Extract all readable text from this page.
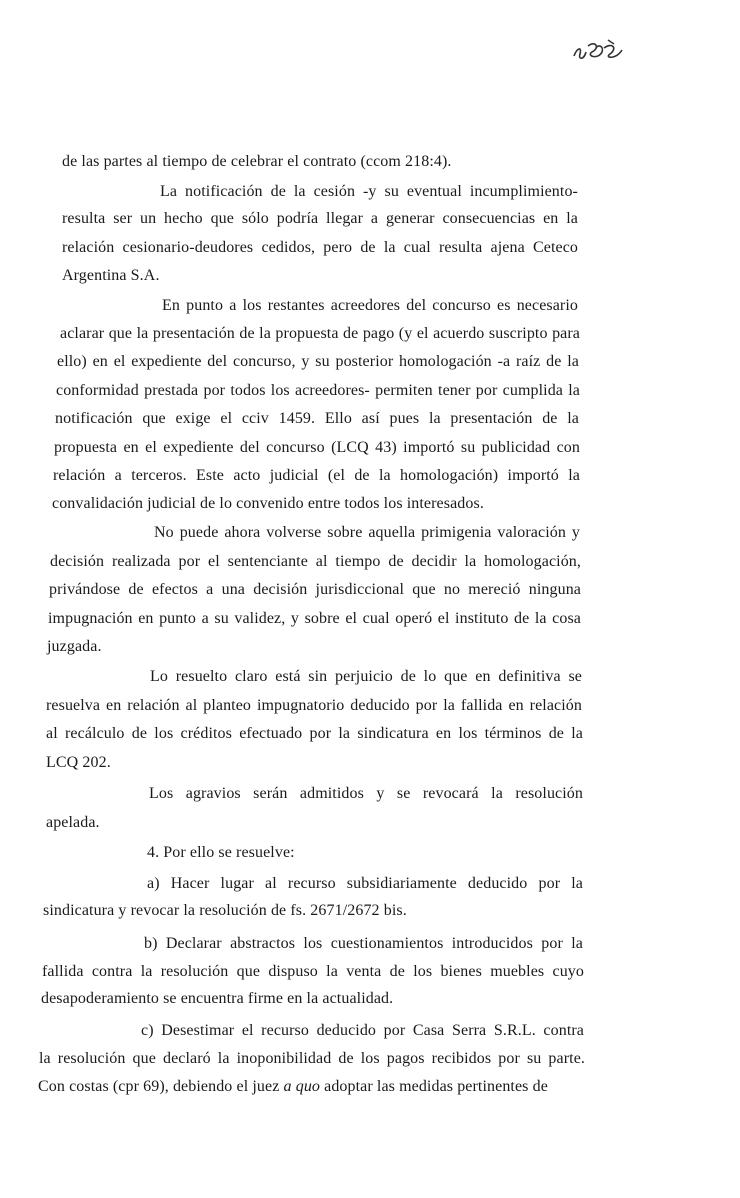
de las partes al tiempo de celebrar el contrato (ccom 218:4).
La notificación de la cesión -y su eventual incumplimiento-
resulta ser un hecho que sólo podría llegar a generar consecuencias en la
relación cesionario-deudores cedidos, pero de la cual resulta ajena Ceteco
Argentina S.A.
En punto a los restantes acreedores del concurso es necesario
aclarar que la presentación de la propuesta de pago (y el acuerdo suscripto para
ello) en el expediente del concurso, y su posterior homologación -a raíz de la
conformidad prestada por todos los acreedores- permiten tener por cumplida la
notificación que exige el cciv 1459. Ello así pues la presentación de la
propuesta en el expediente del concurso (LCQ 43) importó su publicidad con
relación a terceros. Este acto judicial (el de la homologación) importó la
convalidación judicial de lo convenido entre todos los interesados.
No puede ahora volverse sobre aquella primigenia valoración y
decisión realizada por el sentenciante al tiempo de decidir la homologación,
privándose de efectos a una decisión jurisdiccional que no mereció ninguna
impugnación en punto a su validez, y sobre el cual operó el instituto de la cosa
juzgada.
Lo resuelto claro está sin perjuicio de lo que en definitiva se
resuelva en relación al planteo impugnatorio deducido por la fallida en relación
al recálculo de los créditos efectuado por la sindicatura en los términos de la
LCQ 202.
Los agravios serán admitidos y se revocará la resolución
apelada.
4. Por ello se resuelve:
a) Hacer lugar al recurso subsidiariamente deducido por la
sindicatura y revocar la resolución de fs. 2671/2672 bis.
b) Declarar abstractos los cuestionamientos introducidos por la
fallida contra la resolución que dispuso la venta de los bienes muebles cuyo
desapoderamiento se encuentra firme en la actualidad.
c) Desestimar el recurso deducido por Casa Serra S.R.L. contra
la resolución que declaró la inoponibilidad de los pagos recibidos por su parte.
Con costas (cpr 69), debiendo el juez a quo adoptar las medidas pertinentes de
